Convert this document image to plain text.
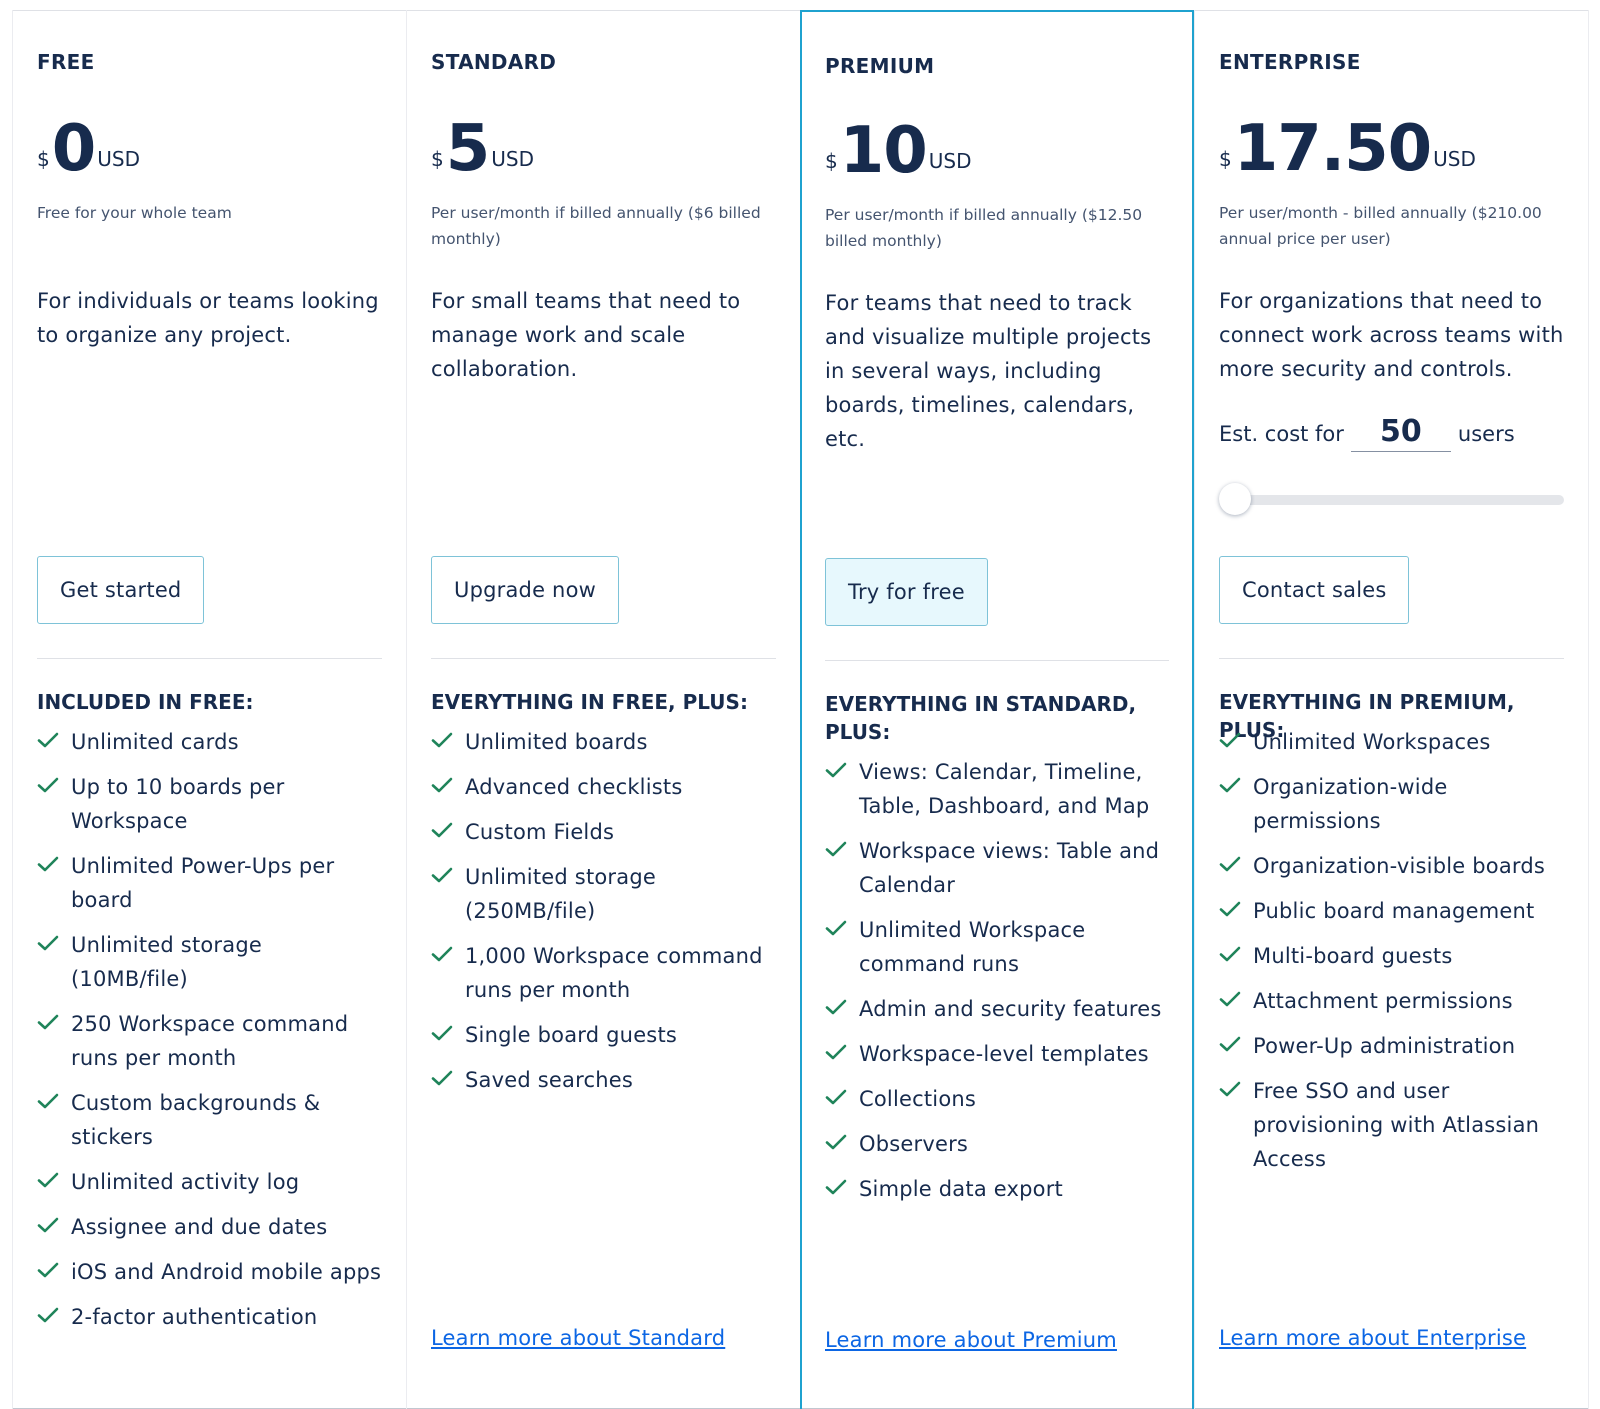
FREE
$ 0 USD
Free for your whole team
For individuals or teams looking to organize any project.
Get started
INCLUDED IN FREE:
Unlimited cards
Up to 10 boards per Workspace
Unlimited Power-Ups per board
Unlimited storage (10MB/file)
250 Workspace command runs per month
Custom backgrounds & stickers
Unlimited activity log
Assignee and due dates
iOS and Android mobile apps
2-factor authentication
STANDARD
$ 5 USD
Per user/month if billed annually ($6 billed monthly)
For small teams that need to manage work and scale collaboration.
Upgrade now
EVERYTHING IN FREE, PLUS:
Unlimited boards
Advanced checklists
Custom Fields
Unlimited storage (250MB/file)
1,000 Workspace command runs per month
Single board guests
Saved searches
Learn more about Standard
PREMIUM
$ 10 USD
Per user/month if billed annually ($12.50 billed monthly)
For teams that need to track and visualize multiple projects in several ways, including boards, timelines, calendars, etc.
Try for free
EVERYTHING IN STANDARD, PLUS:
Views: Calendar, Timeline, Table, Dashboard, and Map
Workspace views: Table and Calendar
Unlimited Workspace command runs
Admin and security features
Workspace-level templates
Collections
Observers
Simple data export
Learn more about Premium
ENTERPRISE
$ 17.50 USD
Per user/month - billed annually ($210.00 annual price per user)
For organizations that need to connect work across teams with more security and controls.
Est. cost for
50	users
Contact sales
EVERYTHING IN PREMIUM, PLUS:
Unlimited Workspaces
Organization-wide permissions
Organization-visible boards
Public board management
Multi-board guests
Attachment permissions
Power-Up administration
Free SSO and user provisioning with Atlassian Access
Learn more about Enterprise
